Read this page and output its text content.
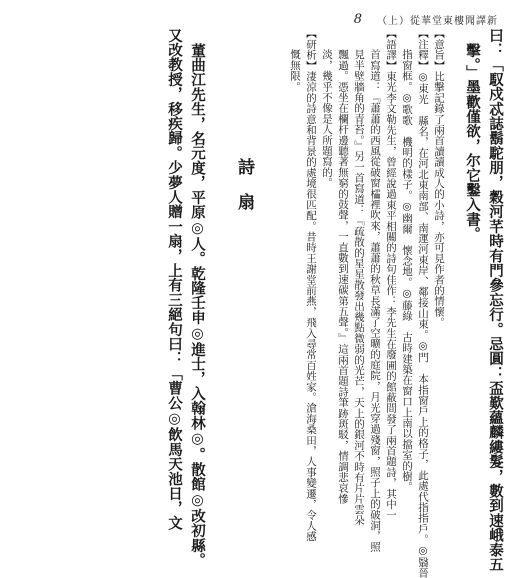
8 （上）從華堂東樓聞譯新
曰：「馭戍忒誌鬍駝朋，穀河芊時有門參忘行。忌圓：盃歎蘊麟縷髮，數到速峨泰五
擊。」墨歡僅欲，尔它鑿入書。
【意旨】比擊記錄了兩首讀讀成人的小詩，亦可見作者的情懷。
【注釋】◎東光　縣名，在河北東南部、南運河東岸、鄰接山東。◎門　本指窗戶上的格子，此處代指指戶。◎翳晉
指窗框。◎歌歌　機明的樣子。◎幽爾　懷念地。◎藤綠　古時建築在窗口上南以擋室的樹。
【語譯】東光李文勒先生，曾經說過東平相關的詩句佳作：李先生在廢圃的館蔽間發了兩首題詩，其中一
首寫道：『蕭蕭的西風從破窗櫺裡吹來，蕭蕭的秋草長滿了空曠的庭院，月光穿過殘窗，照子上的破洞，照
見半壁牆角的青苔。』另一首寫道：『疏散的星星散發出幾點微弱的光芒，天上的銀河不時有片片雲朵
飄過。憑坐在欄杆邊聽著無窮的鼓聲，一直數到速碳第五聲。』這兩首題詩筆跡斑駁，情調悲哀慘
淡，幾乎不像是人所題寫的。
【研析】淒涼的詩意和背景的處境很匹配。昔時王謝堂前燕，飛入尋常百姓家。滄海桑田，人事變遷，令人感
慨無限。
詩扇
董曲江先生，名元度，平原◎人。乾隆壬申◎進士，入翰林◎。散館◎改初縣。
又改教授，移疾歸。少夢人贈一扇，上有三絕句曰：「曹公◎飲馬天池日，文
